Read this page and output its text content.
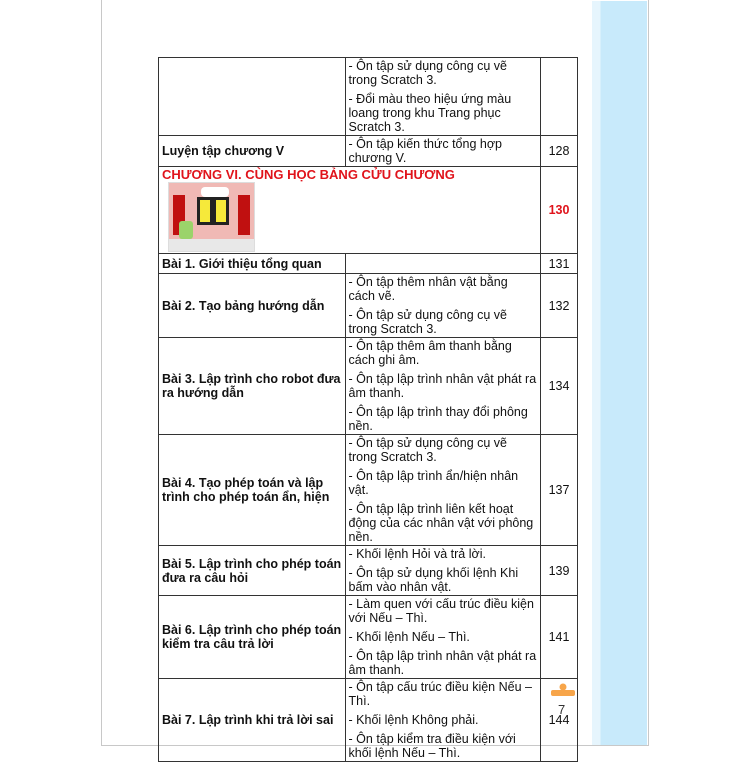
	- Ôn tập sử dụng công cụ vẽ trong Scratch 3.

- Đổi màu theo hiệu ứng màu loang trong khu Trang phục Scratch 3.	

Luyện tập chương V	- Ôn tập kiến thức tổng hợp chương V.	128
CHƯƠNG VI. CÙNG HỌC BẢNG CỬU CHƯƠNG		130
Bài 1. Giới thiệu tổng quan		131
Bài 2. Tạo bảng hướng dẫn	- Ôn tập thêm nhân vật bằng cách vẽ.

- Ôn tập sử dụng công cụ vẽ trong Scratch 3.	132
Bài 3. Lập trình cho robot đưa ra hướng dẫn	- Ôn tập thêm âm thanh bằng cách ghi âm.

- Ôn tập lập trình nhân vật phát ra âm thanh.

- Ôn tập lập trình thay đổi phông nền.	134
Bài 4. Tạo phép toán và lập trình cho phép toán ẩn, hiện	- Ôn tập sử dụng công cụ vẽ trong Scratch 3.

- Ôn tập lập trình ẩn/hiện nhân vật.

- Ôn tập lập trình liên kết hoạt động của các nhân vật với phông nền.	137
Bài 5. Lập trình cho phép toán đưa ra câu hỏi	- Khối lệnh Hỏi và trả lời.

- Ôn tập sử dụng khối lệnh Khi bấm vào nhân vật.	139
Bài 6. Lập trình cho phép toán kiểm tra câu trả lời	- Làm quen với cấu trúc điều kiện với Nếu – Thì.

- Khối lệnh Nếu – Thì.

- Ôn tập lập trình nhân vật phát ra âm thanh.	141
Bài 7. Lập trình khi trả lời sai	- Ôn tập cấu trúc điều kiện Nếu – Thì.

- Khối lệnh Không phải.

- Ôn tập kiểm tra điều kiện với khối lệnh Nếu – Thì.	144
7
